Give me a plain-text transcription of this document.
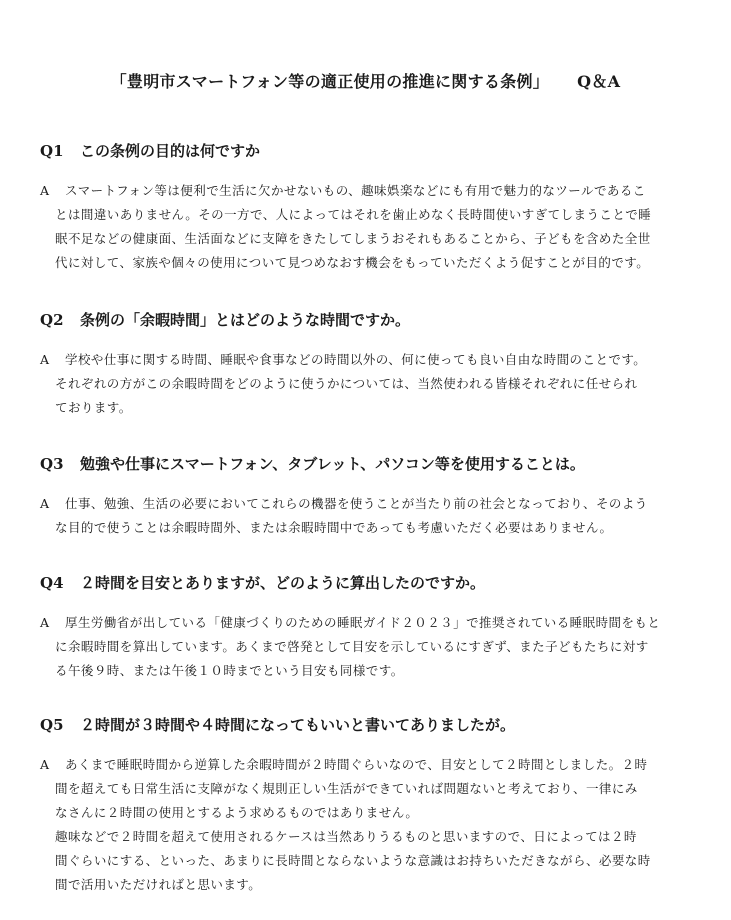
「豊明市スマートフォン等の適正使用の推進に関する条例」 Q＆A
Q1 この条例の目的は何ですか
A	スマートフォン等は便利で生活に欠かせないもの、趣味娯楽などにも有用で魅力的なツールであるこ
とは間違いありません。その一方で、人によってはそれを歯止めなく長時間使いすぎてしまうことで睡
眠不足などの健康面、生活面などに支障をきたしてしまうおそれもあることから、子どもを含めた全世
代に対して、家族や個々の使用について見つめなおす機会をもっていただくよう促すことが目的です。
Q2 条例の「余暇時間」とはどのような時間ですか。
A	学校や仕事に関する時間、睡眠や食事などの時間以外の、何に使っても良い自由な時間のことです。
それぞれの方がこの余暇時間をどのように使うかについては、当然使われる皆様それぞれに任せられ
ております。
Q3 勉強や仕事にスマートフォン、タブレット、パソコン等を使用することは。
A	仕事、勉強、生活の必要においてこれらの機器を使うことが当たり前の社会となっており、そのよう
な目的で使うことは余暇時間外、または余暇時間中であっても考慮いただく必要はありません。
Q4 ２時間を目安とありますが、どのように算出したのですか。
A	厚生労働省が出している「健康づくりのための睡眠ガイド２０２３」で推奨されている睡眠時間をもと
に余暇時間を算出しています。あくまで啓発として目安を示しているにすぎず、また子どもたちに対す
る午後９時、または午後１０時までという目安も同様です。
Q5 ２時間が３時間や４時間になってもいいと書いてありましたが。
A	あくまで睡眠時間から逆算した余暇時間が２時間ぐらいなので、目安として２時間としました。２時
間を超えても日常生活に支障がなく規則正しい生活ができていれば問題ないと考えており、一律にみ
なさんに２時間の使用とするよう求めるものではありません。
趣味などで２時間を超えて使用されるケースは当然ありうるものと思いますので、日によっては２時
間ぐらいにする、といった、あまりに長時間とならないような意識はお持ちいただきながら、必要な時
間で活用いただければと思います。
